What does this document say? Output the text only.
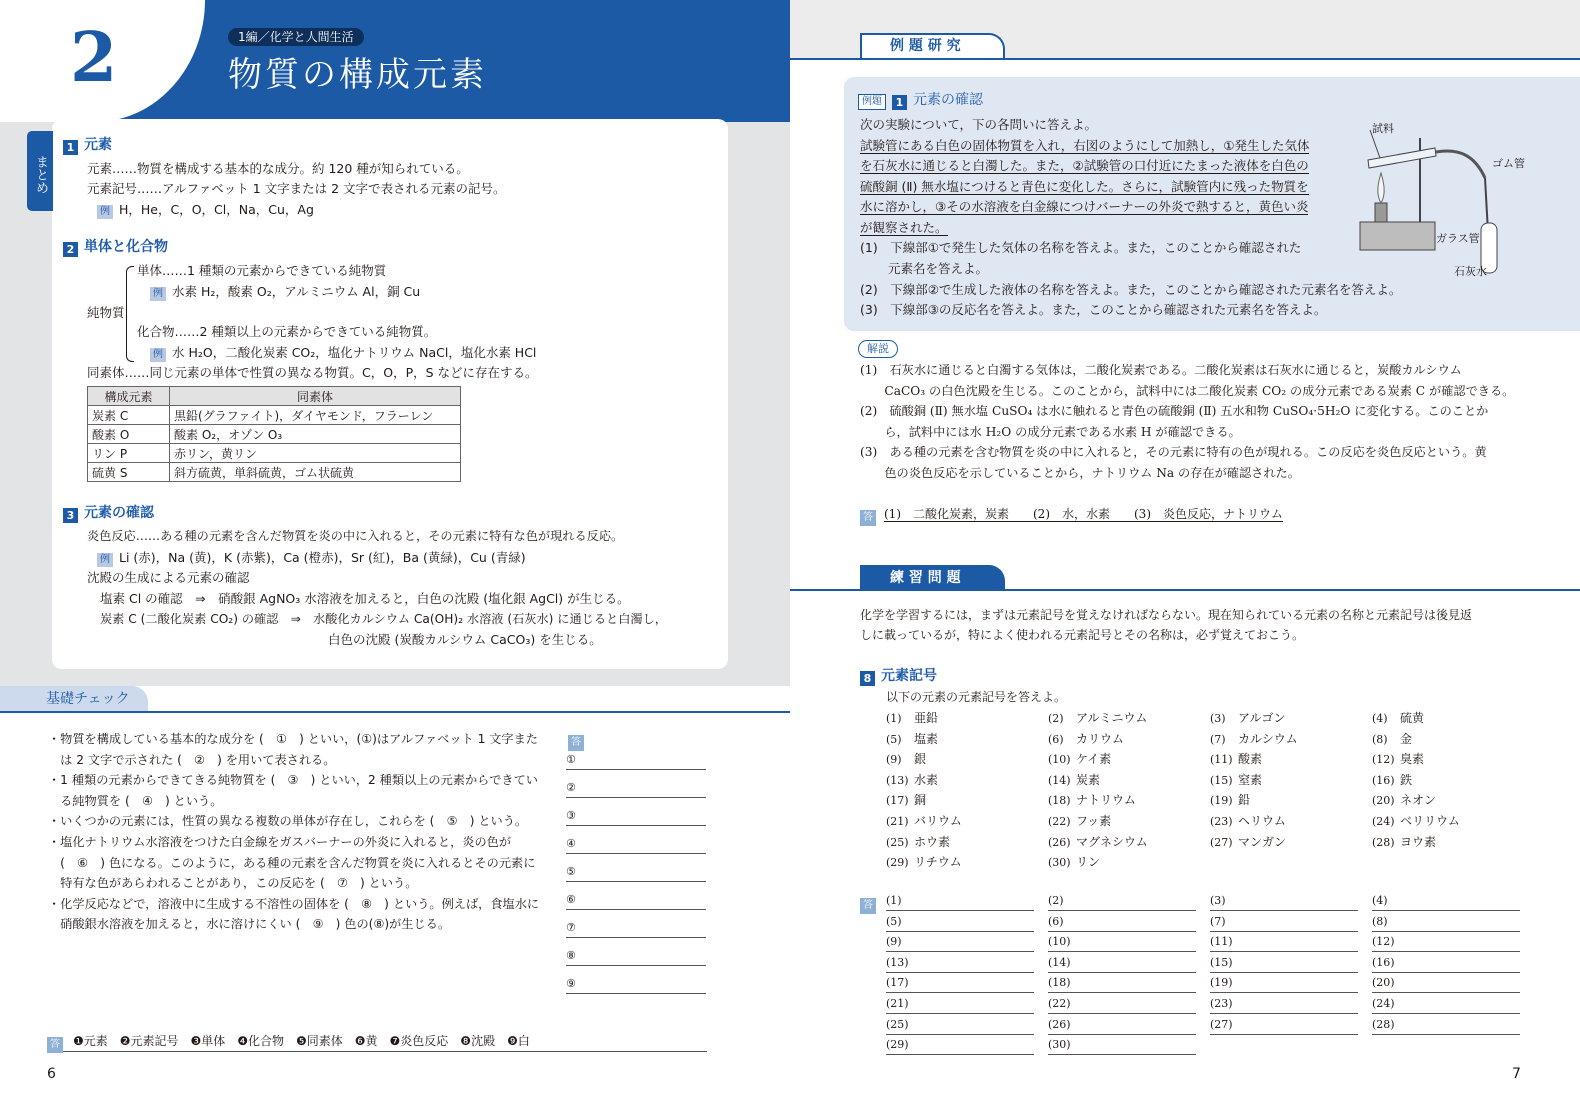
2	1編／化学と人間生活
物質の構成元素
まとめ
1 元素
元素……物質を構成する基本的な成分。約 120 種が知られている。
元素記号……アルファベット 1 文字または 2 文字で表される元素の記号。
例 H，He，C，O，Cl，Na，Cu，Ag
2 単体と化合物
純物質
単体……1 種類の元素からできている純物質
例 水素 H₂，酸素 O₂，アルミニウム Al，銅 Cu
化合物……2 種類以上の元素からできている純物質。
例 水 H₂O，二酸化炭素 CO₂，塩化ナトリウム NaCl，塩化水素 HCl
同素体……同じ元素の単体で性質の異なる物質。C，O，P，S などに存在する。
構成元素	同素体
炭素 C	黒鉛(グラファイト)，ダイヤモンド，フラーレン
酸素 O	酸素 O₂，オゾン O₃
リン P	赤リン，黄リン
硫黄 S	斜方硫黄，単斜硫黄，ゴム状硫黄
3 元素の確認
炎色反応……ある種の元素を含んだ物質を炎の中に入れると，その元素に特有な色が現れる反応。
例 Li (赤)，Na (黄)，K (赤紫)，Ca (橙赤)，Sr (紅)，Ba (黄緑)，Cu (青緑)
沈殿の生成による元素の確認
塩素 Cl の確認　⇒　硝酸銀 AgNO₃ 水溶液を加えると，白色の沈殿 (塩化銀 AgCl) が生じる。
炭素 C (二酸化炭素 CO₂) の確認　⇒　水酸化カルシウム Ca(OH)₂ 水溶液 (石灰水) に通じると白濁し，
白色の沈殿 (炭酸カルシウム CaCO₃) を生じる。
基礎チェック
・物質を構成している基本的な成分を (　①　) といい，(①)はアルファベット 1 文字また
　は 2 文字で示された (　②　) を用いて表される。
・1 種類の元素からできてきる純物質を (　③　) といい，2 種類以上の元素からできてい
　る純物質を (　④　) という。
・いくつかの元素には，性質の異なる複数の単体が存在し，これらを (　⑤　) という。
・塩化ナトリウム水溶液をつけた白金線をガスバーナーの外炎に入れると，炎の色が
　(　⑥　) 色になる。このように，ある種の元素を含んだ物質を炎に入れるとその元素に
　特有な色があらわれることがあり，この反応を (　⑦　) という。
・化学反応などで，溶液中に生成する不溶性の固体を (　⑧　) という。例えば，食塩水に
　硝酸銀水溶液を加えると，水に溶けにくい (　⑨　) 色の(⑧)が生じる。
答
①
②
③
④
⑤
⑥
⑦
⑧
⑨
答 ❶元素　❷元素記号　❸単体　❹化合物　❺同素体　❻黄　❼炎色反応　❽沈殿　❾白
6
例 題 研 究
例題 1 元素の確認
次の実験について，下の各問いに答えよ。
試験管にある白色の固体物質を入れ，右図のようにして加熱し，①発生した気体
を石灰水に通じると白濁した。また，②試験管の口付近にたまった液体を白色の
硫酸銅 (Ⅱ) 無水塩につけると青色に変化した。さらに，試験管内に残った物質を
水に溶かし，③その水溶液を白金線につけバーナーの外炎で熱すると，黄色い炎
が観察された。
(1)　下線部①で発生した気体の名称を答えよ。また，このことから確認された
元素名を答えよ。
(2)　下線部②で生成した液体の名称を答えよ。また，このことから確認された元素名を答えよ。
(3)　下線部③の反応名を答えよ。また，このことから確認された元素名を答えよ。
試料
ゴム管
ガラス管
石灰水
解説
(1)　石灰水に通じると白濁する気体は，二酸化炭素である。二酸化炭素は石灰水に通じると，炭酸カルシウム
　　CaCO₃ の白色沈殿を生じる。このことから，試料中には二酸化炭素 CO₂ の成分元素である炭素 C が確認できる。
(2)　硫酸銅 (Ⅱ) 無水塩 CuSO₄ は水に触れると青色の硫酸銅 (Ⅱ) 五水和物 CuSO₄·5H₂O に変化する。このことか
　　ら，試料中には水 H₂O の成分元素である水素 H が確認できる。
(3)　ある種の元素を含む物質を炎の中に入れると，その元素に特有の色が現れる。この反応を炎色反応という。黄
　　色の炎色反応を示していることから，ナトリウム Na の存在が確認された。
答 (1)　二酸化炭素，炭素　　(2)　水，水素　　(3)　炎色反応，ナトリウム
練 習 問 題
化学を学習するには，まずは元素記号を覚えなければならない。現在知られている元素の名称と元素記号は後見返
しに載っているが，特によく使われる元素記号とその名称は，必ず覚えておこう。
8 元素記号
以下の元素の元素記号を答えよ。
(1) 亜鉛	(2) アルミニウム	(3) アルゴン	(4) 硫黄
(5) 塩素	(6) カリウム	(7) カルシウム	(8) 金
(9) 銀	(10) ケイ素	(11) 酸素	(12) 臭素
(13) 水素	(14) 炭素	(15) 窒素	(16) 鉄
(17) 銅	(18) ナトリウム	(19) 鉛	(20) ネオン
(21) バリウム	(22) フッ素	(23) ヘリウム	(24) ベリリウム
(25) ホウ素	(26) マグネシウム	(27) マンガン	(28) ヨウ素
(29) リチウム	(30) リン
答 (1)	(2)	(3)	(4)
(5)	(6)	(7)	(8)
(9)	(10)	(11)	(12)
(13)	(14)	(15)	(16)
(17)	(18)	(19)	(20)
(21)	(22)	(23)	(24)
(25)	(26)	(27)	(28)
(29)	(30)
7
